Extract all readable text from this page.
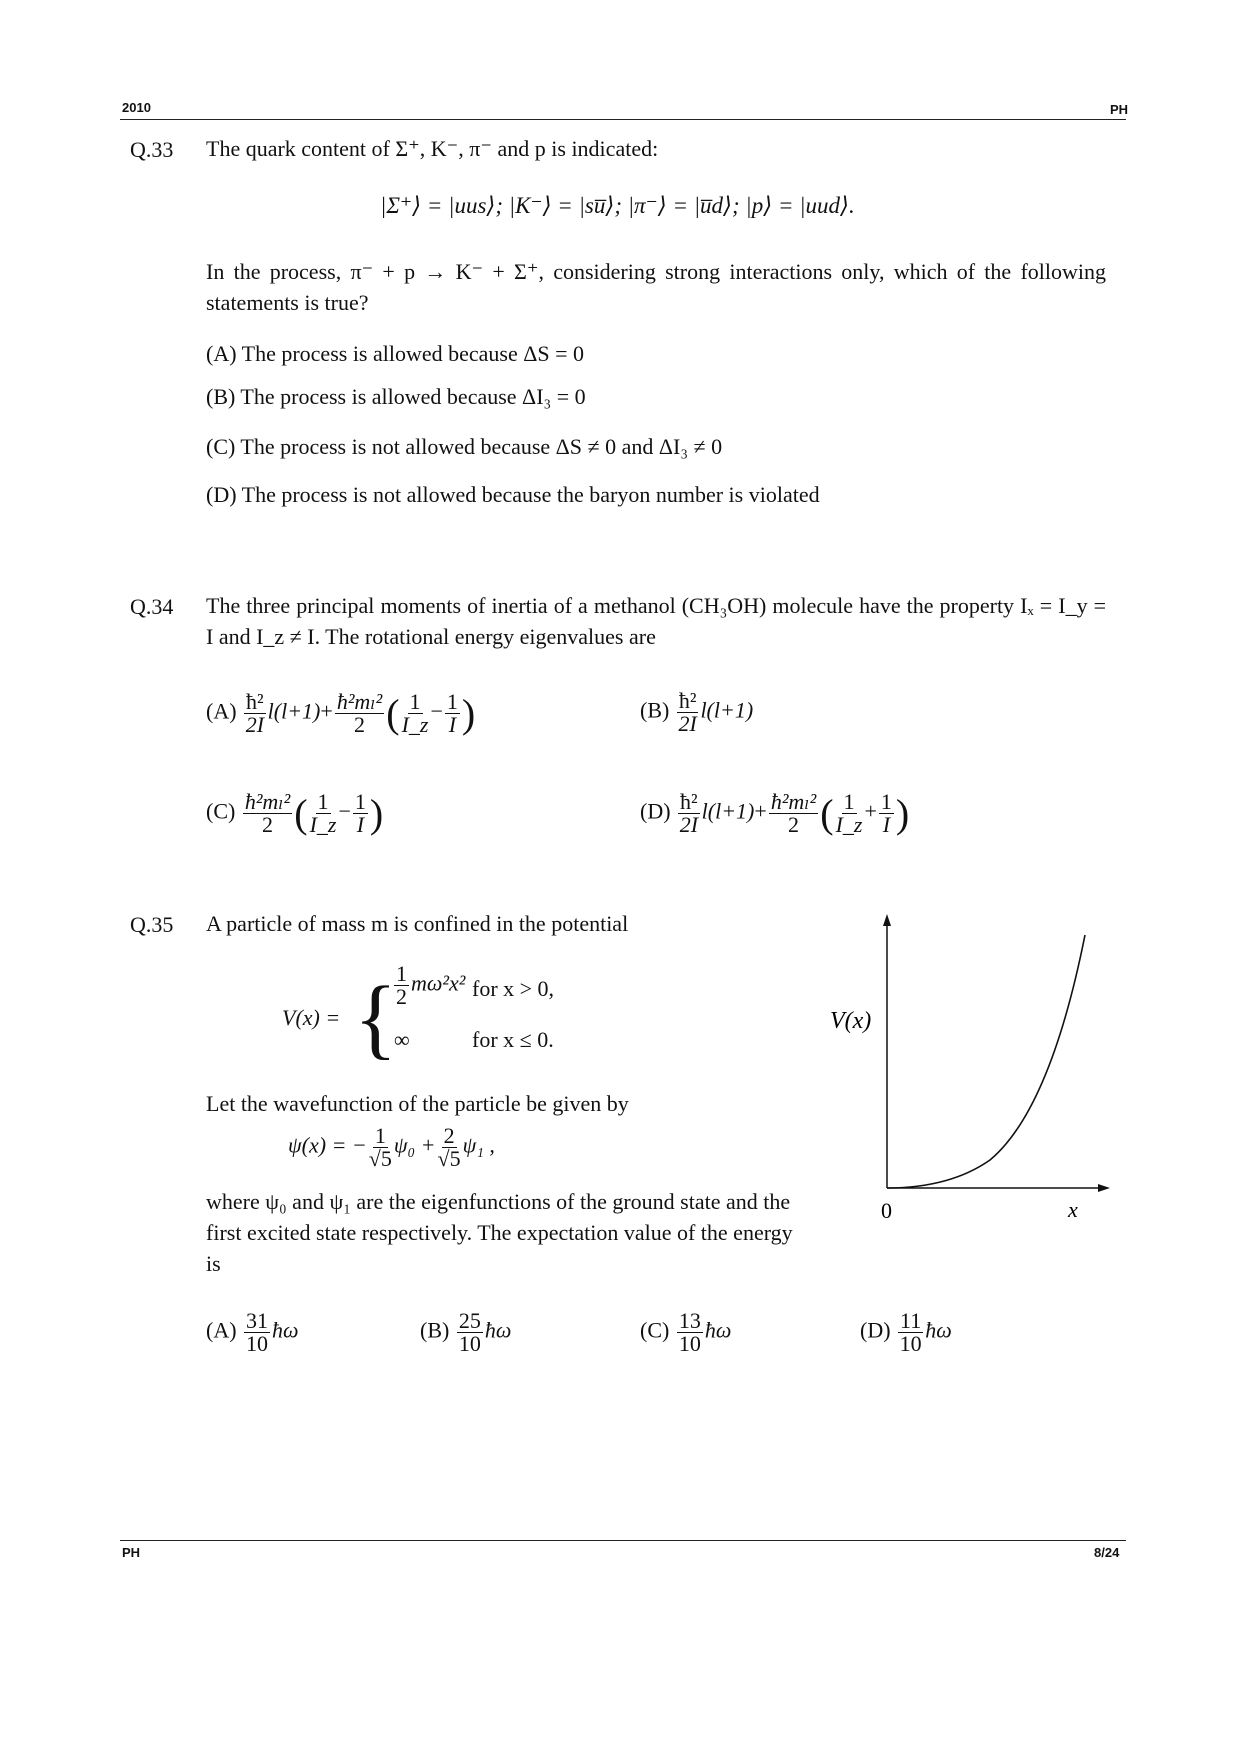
2010	PH
Q.33 The quark content of Σ⁺, K⁻, π⁻ and p is indicated:
|Σ⁺⟩ = |uus⟩; |K⁻⟩ = |su̅⟩; |π⁻⟩ = |u̅d⟩; |p⟩ = |uud⟩.
In the process, π⁻ + p → K⁻ + Σ⁺, considering strong interactions only, which of the following statements is true?
(A) The process is allowed because ΔS = 0
(B) The process is allowed because ΔI₃ = 0
(C) The process is not allowed because ΔS ≠ 0 and ΔI₃ ≠ 0
(D) The process is not allowed because the baryon number is violated
Q.34 The three principal moments of inertia of a methanol (CH₃OH) molecule have the property Iₓ = I_y = I and I_z ≠ I. The rotational energy eigenvalues are
$(A) \frac{\text{ħ²}}{2I} l(l+1)+ \frac{\text{ħ²mₗ²}}{2}$ ( $\frac{1}{I\_z} - \frac{1}{I}$ )	$(B) \frac{\text{ħ²}}{2I} l(l+1)$
$(C) \frac{\text{ħ²mₗ²}}{2}$ ( $\frac{1}{I\_z} - \frac{1}{I}$ )	$(D) \frac{\text{ħ²}}{2I} l(l+1)+ \frac{\text{ħ²mₗ²}}{2}$ ( $\frac{1}{I\_z} + \frac{1}{I}$ )
Q.35 A particle of mass m is confined in the potential
V(x) = {
$\frac{1}{2} m\omega^2x^2$ for x > 0,
∞	for x ≤ 0.
Let the wavefunction of the particle be given by
ψ(x) = − $\frac{1}{√5} \psi_0 + \frac{2}{√5} \psi_1$ ,
where ψ₀ and ψ₁ are the eigenfunctions of the ground state and the first excited state respectively. The expectation value of the energy is
$(A) \frac{31}{10}$ ħω	$(B) \frac{25}{10}$ ħω	$(C) \frac{13}{10}$ ħω	$(D) \frac{11}{10}$ ħω
V(x)
0	x
PH	8/24
